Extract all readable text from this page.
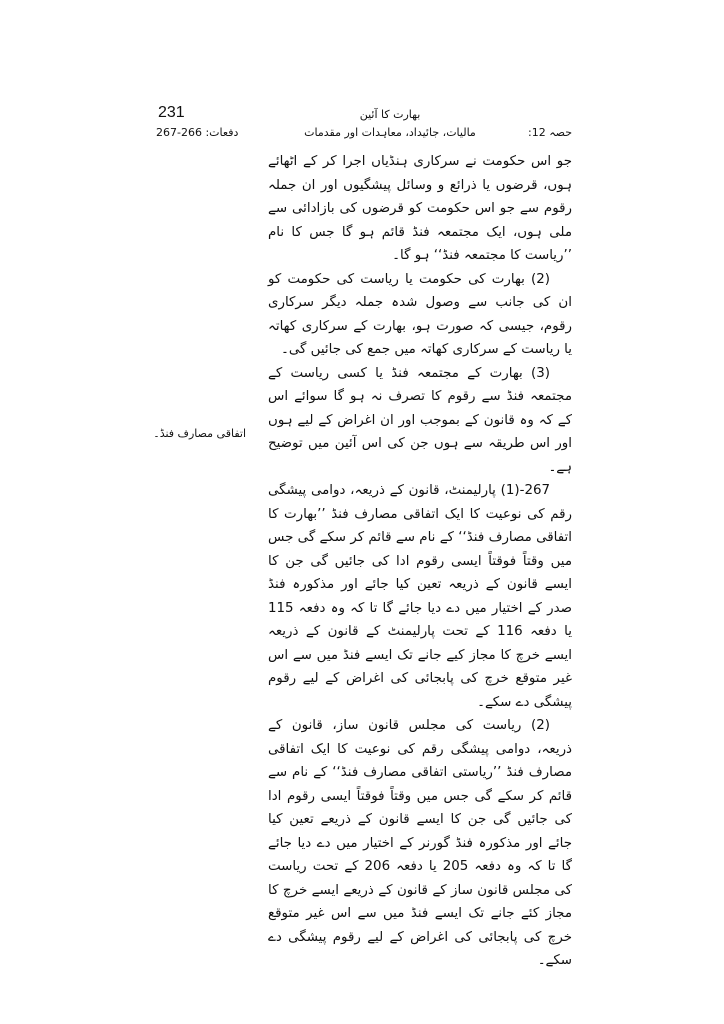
231	بھارت کا آئین
مالیات، جائیداد، معاہدات اور مقدمات
دفعات: 266-267	حصہ 12:
اتفاقی مصارف فنڈ۔

جو اس حکومت نے سرکاری ہنڈیاں اجرا کر کے اٹھائے ہوں، قرضوں یا ذرائع و وسائل پیشگیوں اور ان جملہ رقوم سے جو اس حکومت کو قرضوں کی بازادائی سے ملی ہوں، ایک مجتمعہ فنڈ قائم ہو گا جس کا نام ’’ریاست کا مجتمعہ فنڈ‘‘ ہو گا۔

(2) بھارت کی حکومت یا ریاست کی حکومت کو ان کی جانب سے وصول شدہ جملہ دیگر سرکاری رقوم، جیسی کہ صورت ہو، بھارت کے سرکاری کھاتہ یا ریاست کے سرکاری کھاتہ میں جمع کی جائیں گی۔

(3) بھارت کے مجتمعہ فنڈ یا کسی ریاست کے مجتمعہ فنڈ سے رقوم کا تصرف نہ ہو گا سوائے اس کے کہ وہ قانون کے بموجب اور ان اغراض کے لیے ہوں اور اس طریقہ سے ہوں جن کی اس آئین میں توضیح ہے۔

267-(1) پارلیمنٹ، قانون کے ذریعہ، دوامی پیشگی رقم کی نوعیت کا ایک اتفاقی مصارف فنڈ ’’بھارت کا اتفاقی مصارف فنڈ‘‘ کے نام سے قائم کر سکے گی جس میں وقتاً فوقتاً ایسی رقوم ادا کی جائیں گی جن کا ایسے قانون کے ذریعہ تعین کیا جائے اور مذکورہ فنڈ صدر کے اختیار میں دے دیا جائے گا تا کہ وہ دفعہ 115 یا دفعہ 116 کے تحت پارلیمنٹ کے قانون کے ذریعہ ایسے خرچ کا مجاز کیے جانے تک ایسے فنڈ میں سے اس غیر متوقع خرچ کی پابجائی کی اغراض کے لیے رقوم پیشگی دے سکے۔

(2) ریاست کی مجلس قانون ساز، قانون کے ذریعہ، دوامی پیشگی رقم کی نوعیت کا ایک اتفاقی مصارف فنڈ ’’ریاستی اتفاقی مصارف فنڈ‘‘ کے نام سے قائم کر سکے گی جس میں وقتاً فوقتاً ایسی رقوم ادا کی جائیں گی جن کا ایسے قانون کے ذریعے تعین کیا جائے اور مذکورہ فنڈ گورنر کے اختیار میں دے دیا جائے گا تا کہ وہ دفعہ 205 یا دفعہ 206 کے تحت ریاست کی مجلس قانون ساز کے قانون کے ذریعے ایسے خرچ کا مجاز کئے جانے تک ایسے فنڈ میں سے اس غیر متوقع خرچ کی پابجائی کی اغراض کے لیے رقوم پیشگی دے سکے۔
